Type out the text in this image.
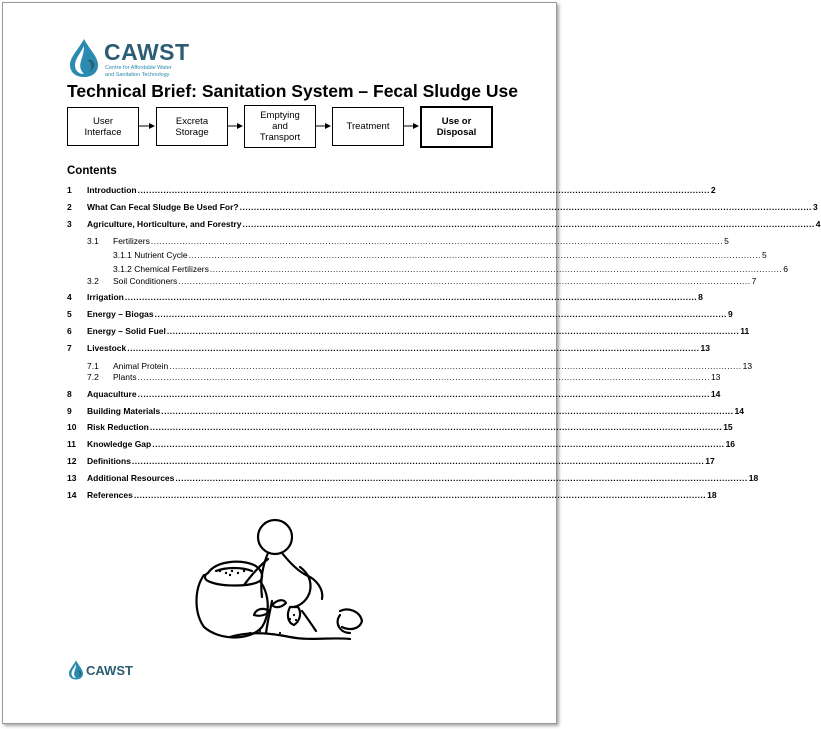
CAWST
Centre for Affordable Water
and Sanitation Technology
Technical Brief: Sanitation System – Fecal Sludge Use
User
Interface
Excreta
Storage
Emptying
and
Transport
Treatment	Use or
Disposal
Contents
1	Introduction ........................................................................................................................................................................................................ 2
2	What Can Fecal Sludge Be Used For? ........................................................................................................................................................................................................ 3
3	Agriculture, Horticulture, and Forestry ........................................................................................................................................................................................................ 4
3.1	Fertilizers ........................................................................................................................................................................................................ 5
3.1.1 Nutrient Cycle ........................................................................................................................................................................................................ 5
3.1.2 Chemical Fertilizers ........................................................................................................................................................................................................ 6
3.2	Soil Conditioners ........................................................................................................................................................................................................ 7
4	Irrigation ........................................................................................................................................................................................................ 8
5	Energy – Biogas ........................................................................................................................................................................................................ 9
6	Energy – Solid Fuel ........................................................................................................................................................................................................ 11
7	Livestock ........................................................................................................................................................................................................ 13
7.1	Animal Protein ........................................................................................................................................................................................................ 13
7.2	Plants ........................................................................................................................................................................................................ 13
8	Aquaculture ........................................................................................................................................................................................................ 14
9	Building Materials ........................................................................................................................................................................................................ 14
10	Risk Reduction ........................................................................................................................................................................................................ 15
11	Knowledge Gap ........................................................................................................................................................................................................ 16
12	Definitions ........................................................................................................................................................................................................ 17
13	Additional Resources ........................................................................................................................................................................................................ 18
14	References ........................................................................................................................................................................................................ 18
CAWST
